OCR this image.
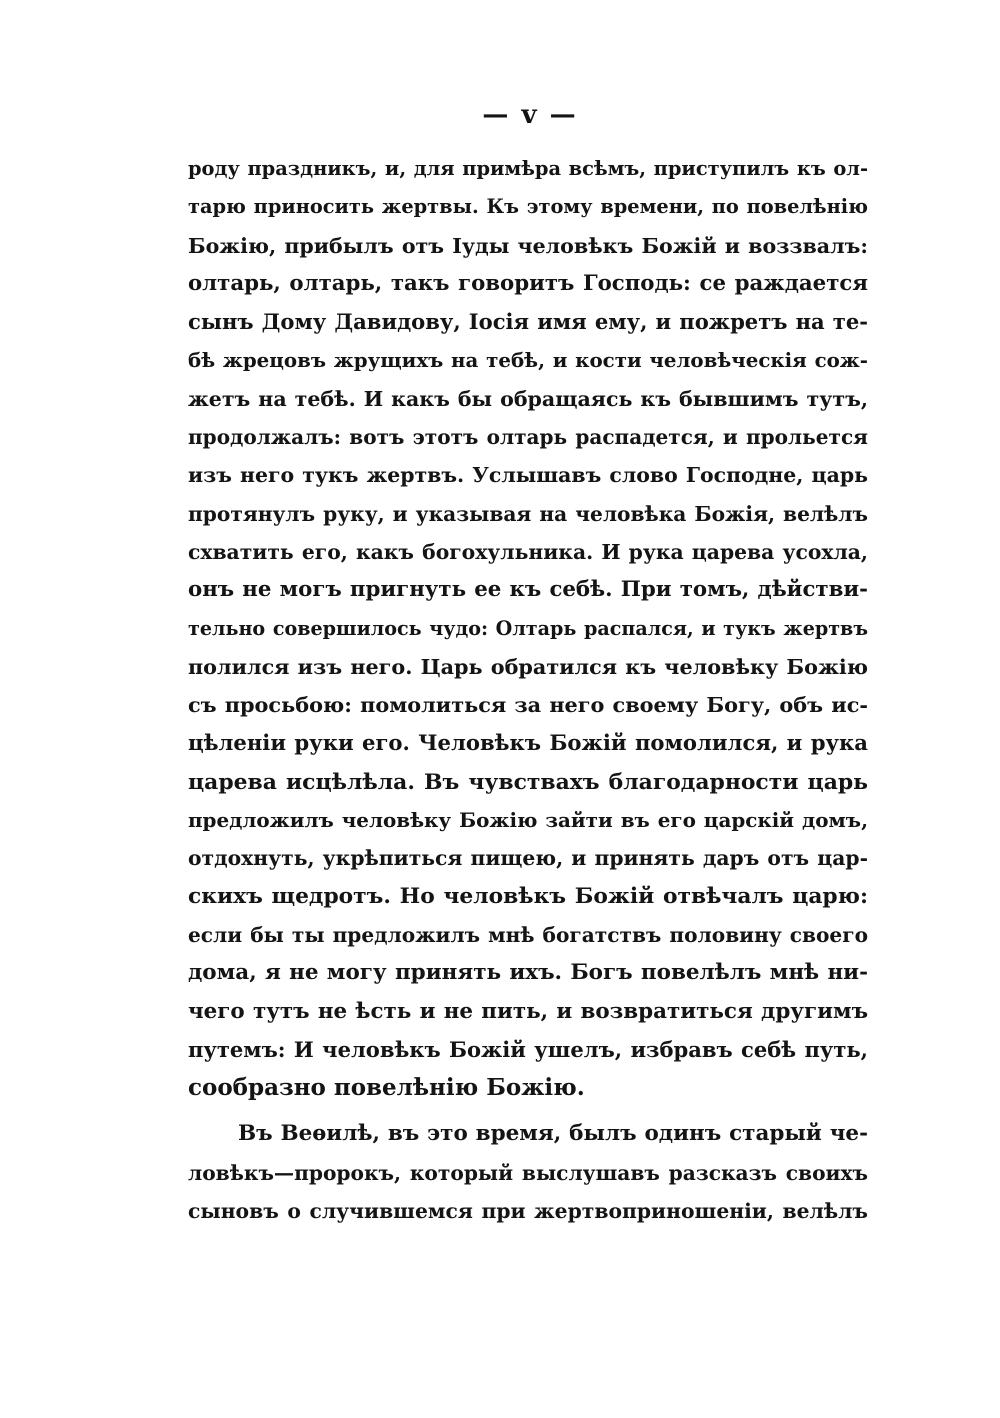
— v —
роду праздникъ, и, для примѣра всѣмъ, приступилъ къ ол-
тарю приносить жертвы. Къ этому времени, по повелѣнію
Божію, прибылъ отъ Іуды человѣкъ Божій и воззвалъ:
олтарь, олтарь, такъ говоритъ Господь: се раждается
сынъ Дому Давидову, Іосія имя ему, и пожретъ на те-
бѣ жрецовъ жрущихъ на тебѣ, и кости человѣческія сож-
жетъ на тебѣ. И какъ бы обращаясь къ бывшимъ тутъ,
продолжалъ: вотъ этотъ олтарь распадется, и прольется
изъ него тукъ жертвъ. Услышавъ слово Господне, царь
протянулъ руку, и указывая на человѣка Божія, велѣлъ
схватить его, какъ богохульника. И рука царева усохла,
онъ не могъ пригнуть ее къ себѣ. При томъ, дѣйстви-
тельно совершилось чудо: Олтарь распался, и тукъ жертвъ
полился изъ него. Царь обратился къ человѣку Божію
съ просьбою: помолиться за него своему Богу, объ ис-
цѣленіи руки его. Человѣкъ Божій помолился, и рука
царева исцѣлѣла. Въ чувствахъ благодарности царь
предложилъ человѣку Божію зайти въ его царскій домъ,
отдохнуть, укрѣпиться пищею, и принять даръ отъ цар-
скихъ щедротъ. Но человѣкъ Божій отвѣчалъ царю:
если бы ты предложилъ мнѣ богатствъ половину своего
дома, я не могу принять ихъ. Богъ повелѣлъ мнѣ ни-
чего тутъ не ѣсть и не пить, и возвратиться другимъ
путемъ: И человѣкъ Божій ушелъ, избравъ себѣ путь,
сообразно повелѣнію Божію.
Въ Веѳилѣ, въ это время, былъ одинъ старый че-
ловѣкъ—пророкъ, который выслушавъ разсказъ своихъ
сыновъ о случившемся при жертвоприношеніи, велѣлъ
